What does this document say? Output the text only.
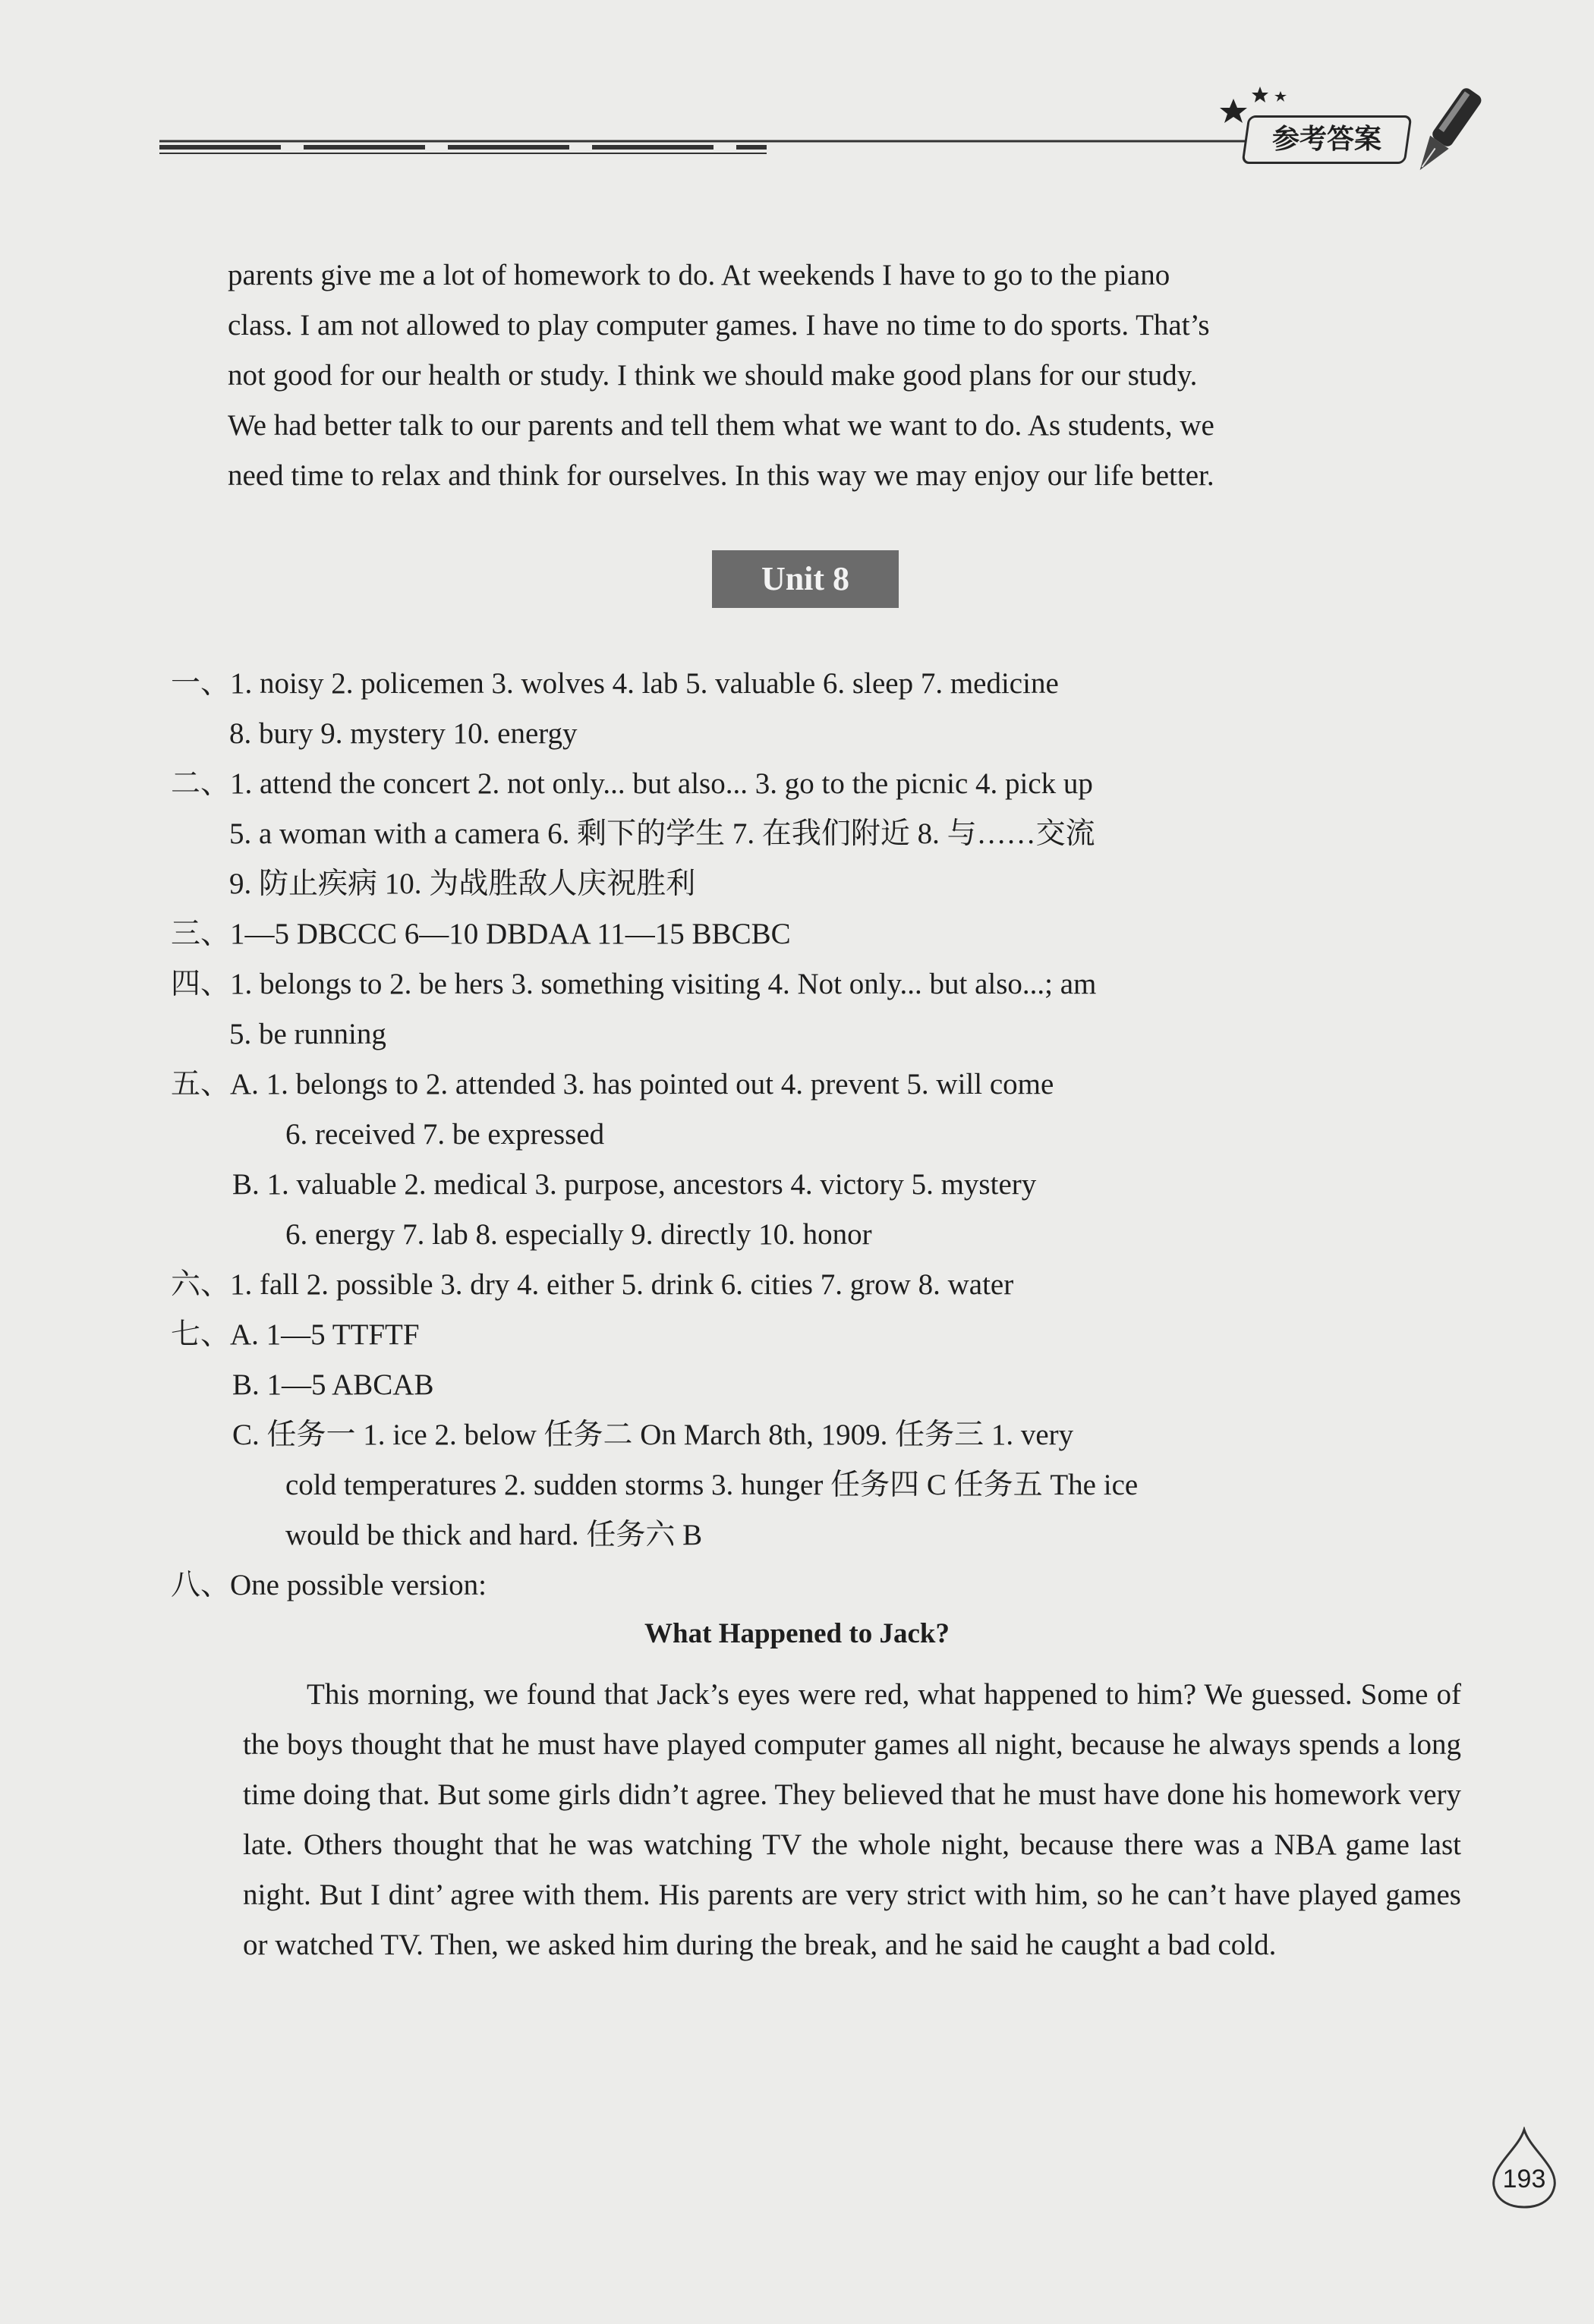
参考答案
parents give me a lot of homework to do. At weekends I have to go to the piano
class. I am not allowed to play computer games. I have no time to do sports. That’s
not good for our health or study. I think we should make good plans for our study.
We had better talk to our parents and tell them what we want to do. As students, we
need time to relax and think for ourselves. In this way we may enjoy our life better.
Unit 8
一、1. noisy 2. policemen 3. wolves 4. lab 5. valuable 6. sleep 7. medicine
8. bury 9. mystery 10. energy
二、1. attend the concert 2. not only... but also... 3. go to the picnic 4. pick up
5. a woman with a camera 6. 剩下的学生 7. 在我们附近 8. 与……交流
9. 防止疾病 10. 为战胜敌人庆祝胜利
三、1—5 DBCCC 6—10 DBDAA 11—15 BBCBC
四、1. belongs to 2. be hers 3. something visiting 4. Not only... but also...; am
5. be running
五、A. 1. belongs to 2. attended 3. has pointed out 4. prevent 5. will come
6. received 7. be expressed
B. 1. valuable 2. medical 3. purpose, ancestors 4. victory 5. mystery
6. energy 7. lab 8. especially 9. directly 10. honor
六、1. fall 2. possible 3. dry 4. either 5. drink 6. cities 7. grow 8. water
七、A. 1—5 TTFTF
B. 1—5 ABCAB
C. 任务一 1. ice 2. below 任务二 On March 8th, 1909. 任务三 1. very
cold temperatures 2. sudden storms 3. hunger 任务四 C 任务五 The ice
would be thick and hard. 任务六 B
八、One possible version:
What Happened to Jack?
This morning, we found that Jack’s eyes were red, what happened to him? We guessed. Some of the boys thought that he must have played computer games all night, because he always spends a long time doing that. But some girls didn’t agree. They believed that he must have done his homework very late. Others thought that he was watching TV the whole night, because there was a NBA game last night. But I dint’ agree with them. His parents are very strict with him, so he can’t have played games or watched TV. Then, we asked him during the break, and he said he caught a bad cold.
193
